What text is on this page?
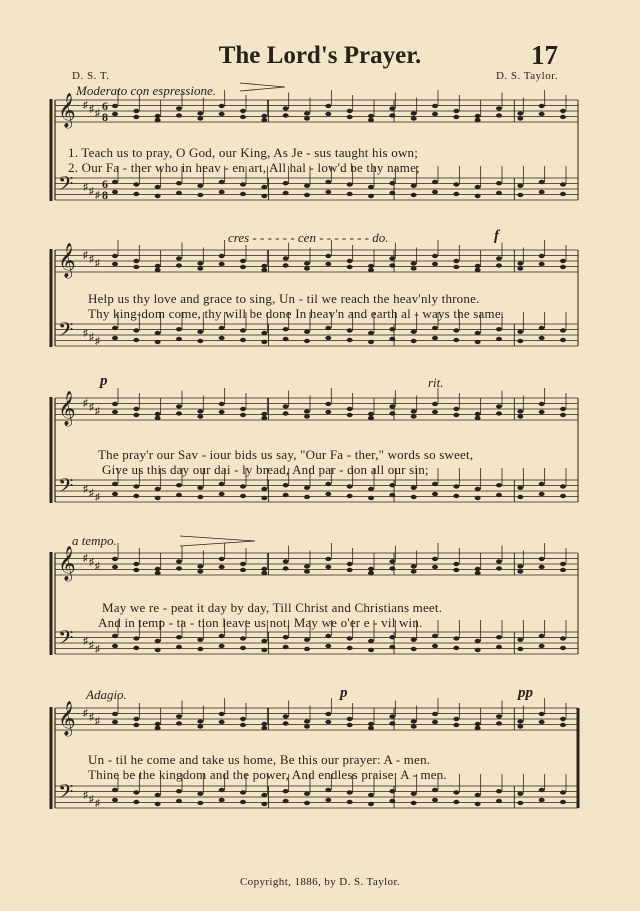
The Lord's Prayer.	17
D. S. T.	D. S. Taylor.
Moderato con espressione.
1. Teach us to pray, O God, our King, As Je - sus taught his own;
2. Our Fa - ther who in heav - en art, All hal - low'd be thy name;
cres - - - - - - cen - - - - - - - do.	f
Help us thy love and grace to sing, Un - til we reach the heav'nly throne.
Thy king-dom come, thy will be done In heav'n and earth al - ways the same.
p	rit.
The pray'r our Sav - iour bids us say, "Our Fa - ther," words so sweet,
Give us this day our dai - ly bread, And par - don all our sin;
a tempo.
May we re - peat it day by day, Till Christ and Christians meet.
And in temp - ta - tion leave us not, May we o'er e - vil win.
Adagio.	p	pp
Un - til he come and take us home, Be this our prayer: A - men.
Thine be the kingdom and the power, And endless praise: A - men.
Copyright, 1886, by D. S. Taylor.
𝄞
𝄢
♯
♯
♯
♯
♯
♯
𝄞
𝄢
♯
♯
♯
♯
♯
♯
𝄞
𝄢
♯
♯
♯
♯
♯
♯
𝄞
𝄢
♯
♯
♯
♯
♯
♯
𝄞
𝄢
♯
♯
♯
♯
♯
♯
6
8
6
8
